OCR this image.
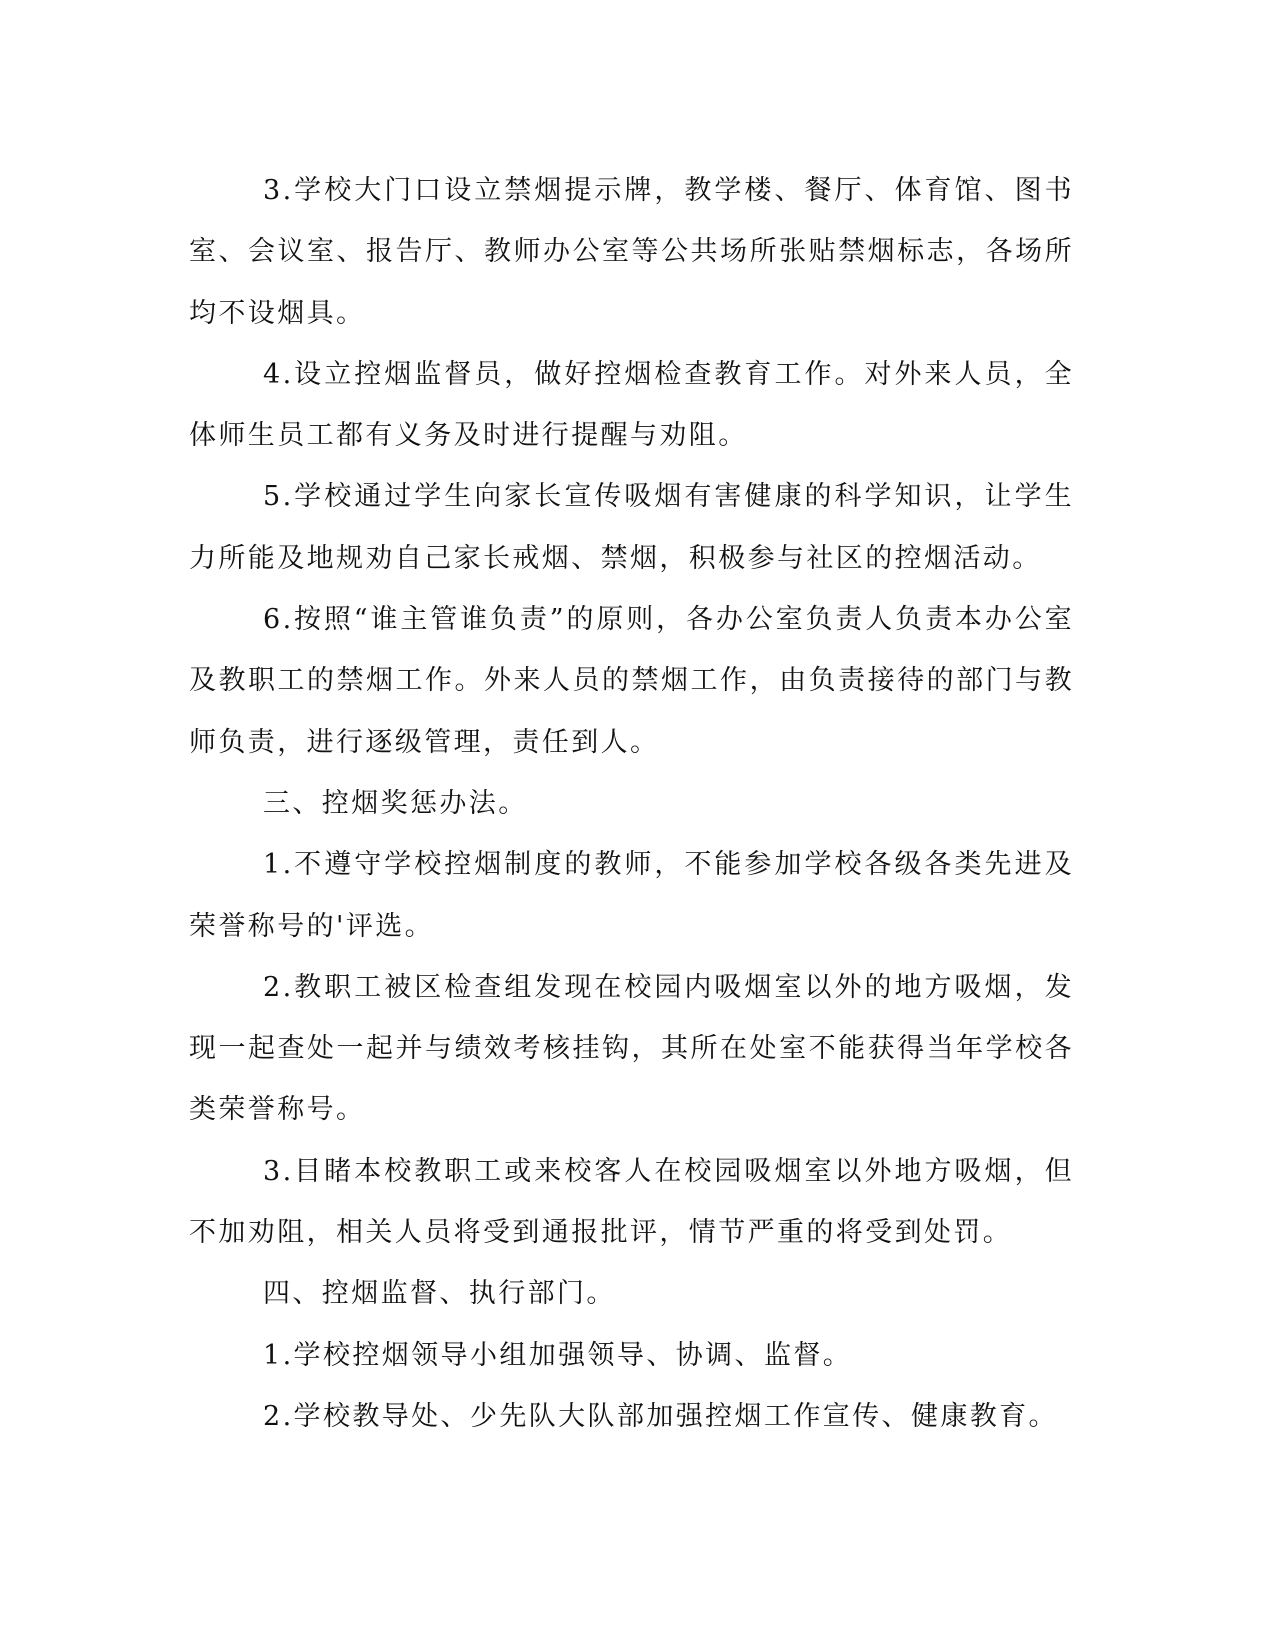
3.学校大门口设立禁烟提示牌，教学楼、餐厅、体育馆、图书室、会议室、报告厅、教师办公室等公共场所张贴禁烟标志，各场所均不设烟具。

4.设立控烟监督员，做好控烟检查教育工作。对外来人员，全体师生员工都有义务及时进行提醒与劝阻。

5.学校通过学生向家长宣传吸烟有害健康的科学知识，让学生力所能及地规劝自己家长戒烟、禁烟，积极参与社区的控烟活动。

6.按照“谁主管谁负责”的原则，各办公室负责人负责本办公室及教职工的禁烟工作。外来人员的禁烟工作，由负责接待的部门与教师负责，进行逐级管理，责任到人。

三、控烟奖惩办法。

1.不遵守学校控烟制度的教师，不能参加学校各级各类先进及荣誉称号的'评选。

2.教职工被区检查组发现在校园内吸烟室以外的地方吸烟，发现一起查处一起并与绩效考核挂钩，其所在处室不能获得当年学校各类荣誉称号。

3.目睹本校教职工或来校客人在校园吸烟室以外地方吸烟，但不加劝阻，相关人员将受到通报批评，情节严重的将受到处罚。

四、控烟监督、执行部门。

1.学校控烟领导小组加强领导、协调、监督。

2.学校教导处、少先队大队部加强控烟工作宣传、健康教育。
